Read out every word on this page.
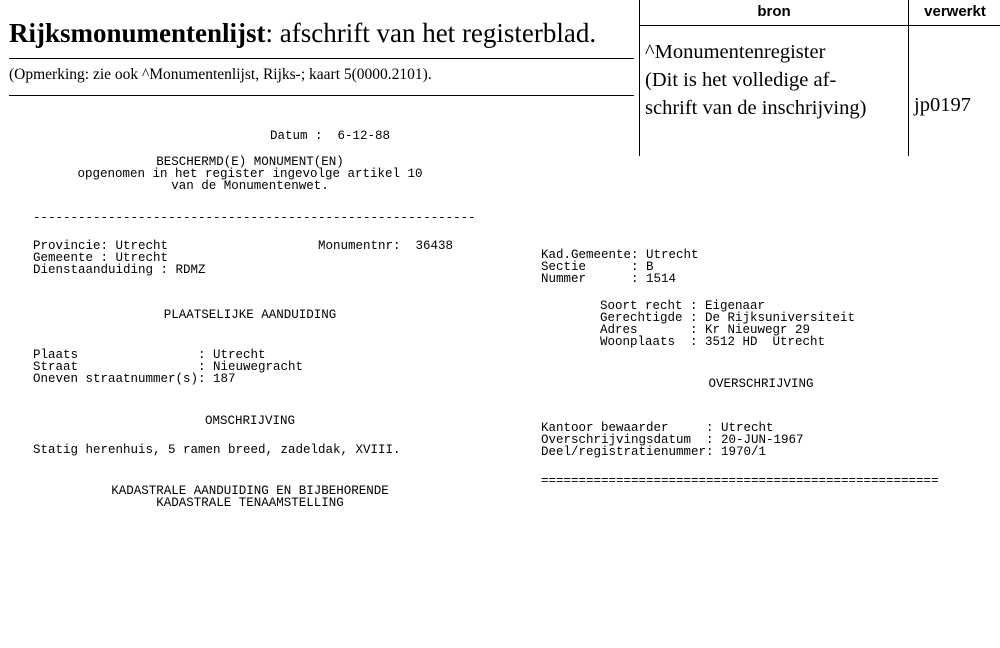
Rijksmonumentenlijst: afschrift van het registerblad.
(Opmerking: zie ook ^Monumentenlijst, Rijks-; kaart 5(0000.2101).
bron	verwerkt
^Monumentenregister
(Dit is het volledige af-
schrift van de inschrijving) jp0197
Datum : 6-12-88
BESCHERMD(E) MONUMENT(EN)
opgenomen in het register ingevolge artikel 10
van de Monumentenwet.
-----------------------------------------------------------
Provincie: Utrecht	Monumentnr: 36438
Gemeente : Utrecht
Dienstaanduiding : RDMZ
PLAATSELIJKE AANDUIDING
Plaats                : Utrecht
Straat                : Nieuwegracht
Oneven straatnummer(s): 187
OMSCHRIJVING
Statig herenhuis, 5 ramen breed, zadeldak, XVIII.
KADASTRALE AANDUIDING EN BIJBEHORENDE
KADASTRALE TENAAMSTELLING
Kad.Gemeente: Utrecht
Sectie      : B
Nummer      : 1514
Soort recht : Eigenaar
Gerechtigde : De Rijksuniversiteit
Adres       : Kr Nieuwegr 29
Woonplaats  : 3512 HD  Utrecht
OVERSCHRIJVING
Kantoor bewaarder     : Utrecht
Overschrijvingsdatum  : 20-JUN-1967
Deel/registratienummer: 1970/1
=====================================================
